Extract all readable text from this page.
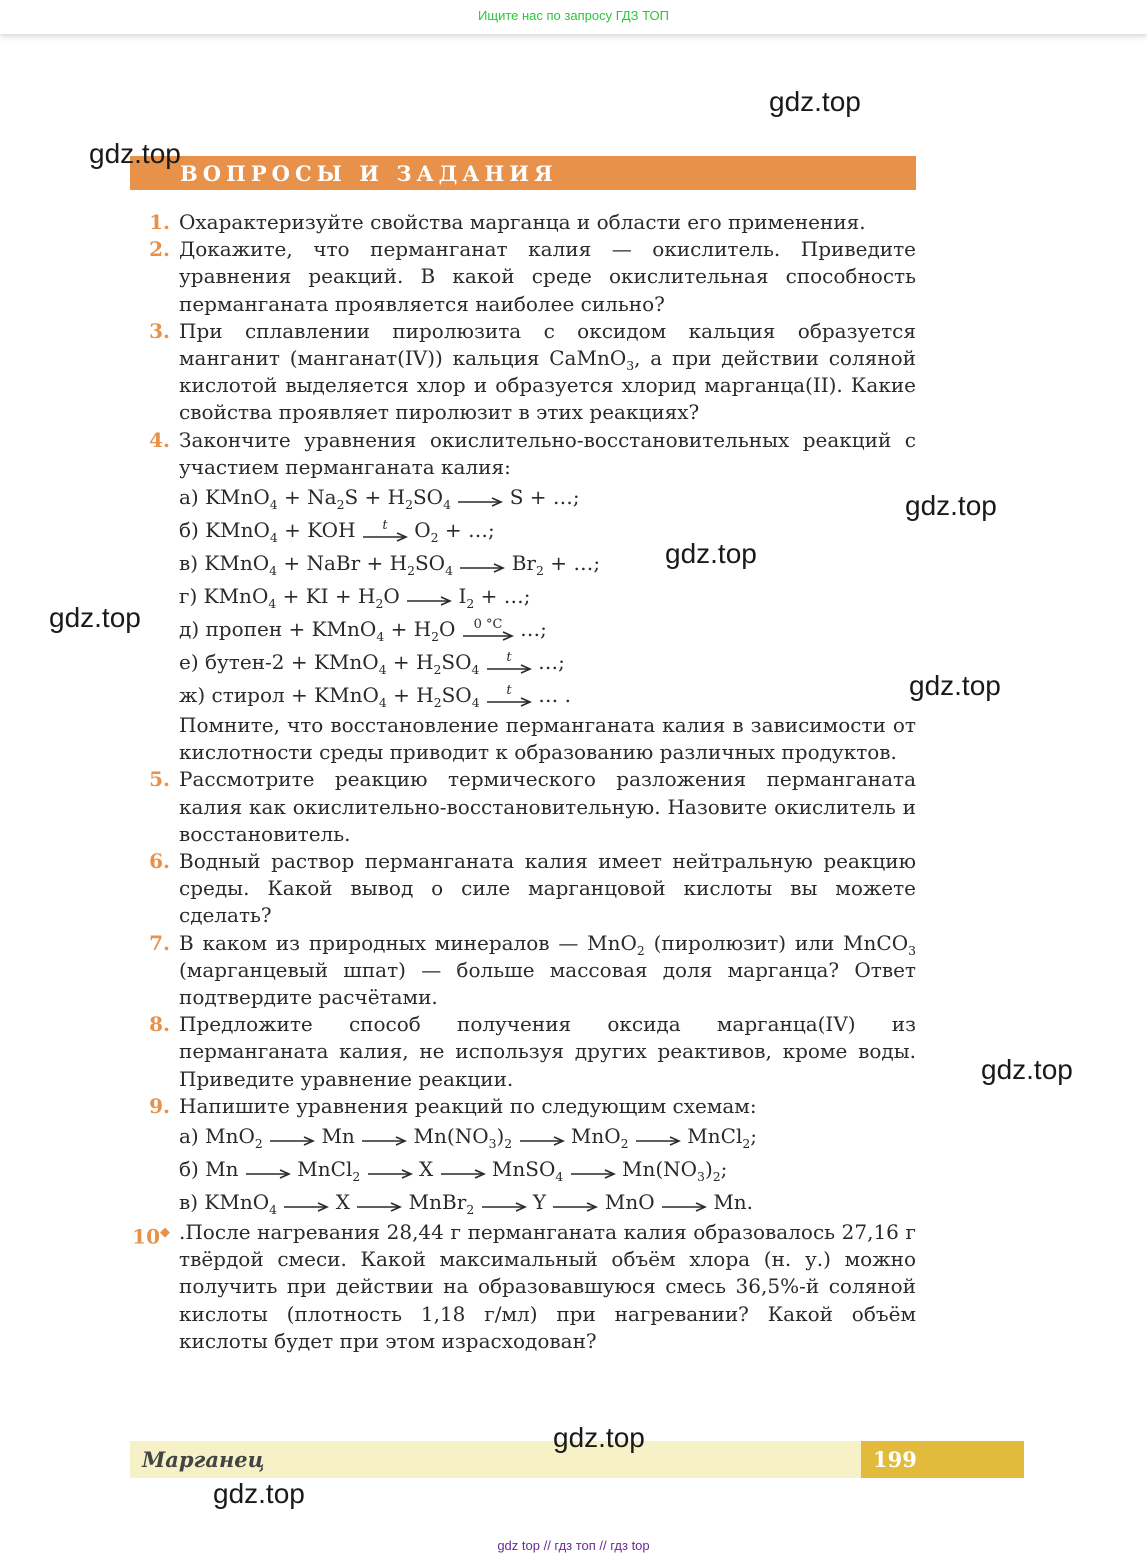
Ищите нас по запросу ГДЗ ТОП
ВОПРОСЫ И ЗАДАНИЯ
1. Охарактеризуйте свойства марганца и области его применения.
2. Докажите, что перманганат калия — окислитель. Приведите уравнения реакций. В какой среде окислительная способность перманганата проявляется наиболее сильно?
3. При сплавлении пиролюзита с оксидом кальция образуется манганит (манганат(IV)) кальция CaMnO$_3$, а при действии соляной кислотой выделяется хлор и образуется хлорид марганца(II). Какие свойства проявляет пиролюзит в этих реакциях?
4. Закончите уравнения окислительно-восстановительных реакций с участием перманганата калия:
а) KMnO$_4$ + $Na_2S + H_2SO_4 \to S$ + …;
б) KMnO$_4$ + KOH t $O_2$ + …;
в) KMnO$_4$ + NaBr + $H_2SO_4 \to Br_2$ + …;
г) KMnO$_4$ + KI + $H_2O \to I_2$ + …;
д) пропен + KMnO$_4$ + $H_2O$ 0 °C …;
е) бутен-2 + KMnO$_4$ + $H_2SO_4$
t …;
ж) стирол + KMnO$_4$ + $H_2SO_4$
t … .
Помните, что восстановление перманганата калия в зависимости от кислотности среды приводит к образованию различных продуктов.
5. Рассмотрите реакцию термического разложения перманганата калия как окислительно-восстановительную. Назовите окислитель и восстановитель.
6. Водный раствор перманганата калия имеет нейтральную реакцию среды. Какой вывод о силе марганцовой кислоты вы можете сделать?
7. В каком из природных минералов — MnO$_2$ (пиролюзит) или MnCO$_3$ (марганцевый шпат) — больше массовая доля марганца? Ответ подтвердите расчётами.
8. Предложите способ получения оксида марганца(IV) из перманганата калия, не используя других реактивов, кроме воды. Приведите уравнение реакции.
9. Напишите уравнения реакций по следующим схемам:
а) $MnO_2 \to Mn \to Mn(NO_3)_2 \to MnO_2$ → MnCl$_2$;
б) Mn → MnCl$_2$ → X → MnSO$_4$ → $Mn(NO_3)_2$;
в) KMnO$_4$ → X → MnBr$_2$ → Y → MnO → Mn.
10◆ .После нагревания 28,44 г перманганата калия образовалось 27,16 г твёрдой смеси. Какой максимальный объём хлора (н. у.) можно получить при действии на образовавшуюся смесь 36,5%-й соляной кислоты (плотность 1,18 г/мл) при нагревании? Какой объём кислоты будет при этом израсходован?
Марганец	199
gdz.top
gdz.top
gdz.top
gdz.top
gdz.top
gdz.top
gdz.top
gdz.top
gdz.top
gdz top // гдз топ // гдз top
